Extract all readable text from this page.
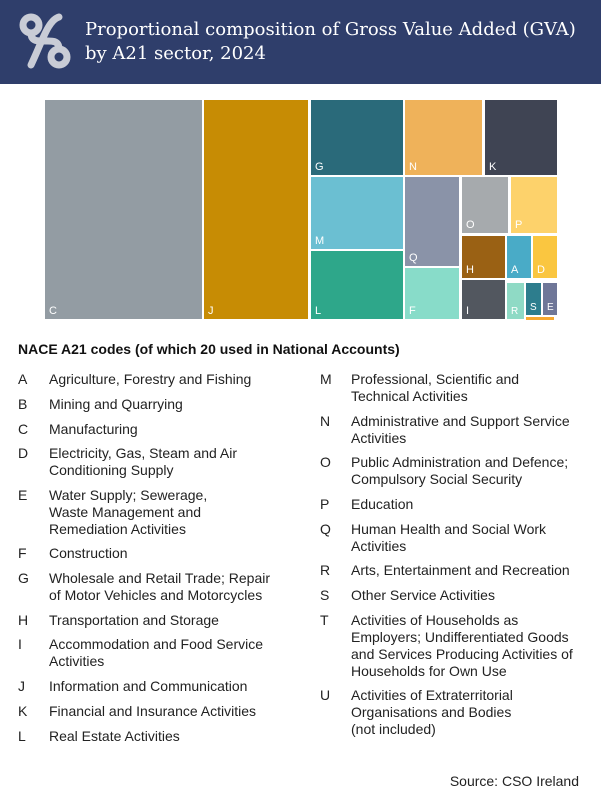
Proportional composition of Gross Value Added (GVA) by A21 sector, 2024
C	J
G	N	K
M
L
Q
F
O	P
H	A D
I	R S E
NACE A21 codes (of which 20 used in National Accounts)
A	Agriculture, Forestry and Fishing
B	Mining and Quarrying
C	Manufacturing
D	Electricity, Gas, Steam and Air
Conditioning Supply
E	Water Supply; Sewerage,
Waste Management and
Remediation Activities
F	Construction
G	Wholesale and Retail Trade; Repair
of Motor Vehicles and Motorcycles
H	Transportation and Storage
I	Accommodation and Food Service
Activities
J	Information and Communication
K	Financial and Insurance Activities
L	Real Estate Activities
M	Professional, Scientific and
Technical Activities
N	Administrative and Support Service
Activities
O	Public Administration and Defence;
Compulsory Social Security
P	Education
Q	Human Health and Social Work
Activities
R	Arts, Entertainment and Recreation
S	Other Service Activities
T	Activities of Households as
Employers; Undifferentiated Goods
and Services Producing Activities of
Households for Own Use
U	Activities of Extraterritorial
Organisations and Bodies
(not included)
Source: CSO Ireland
